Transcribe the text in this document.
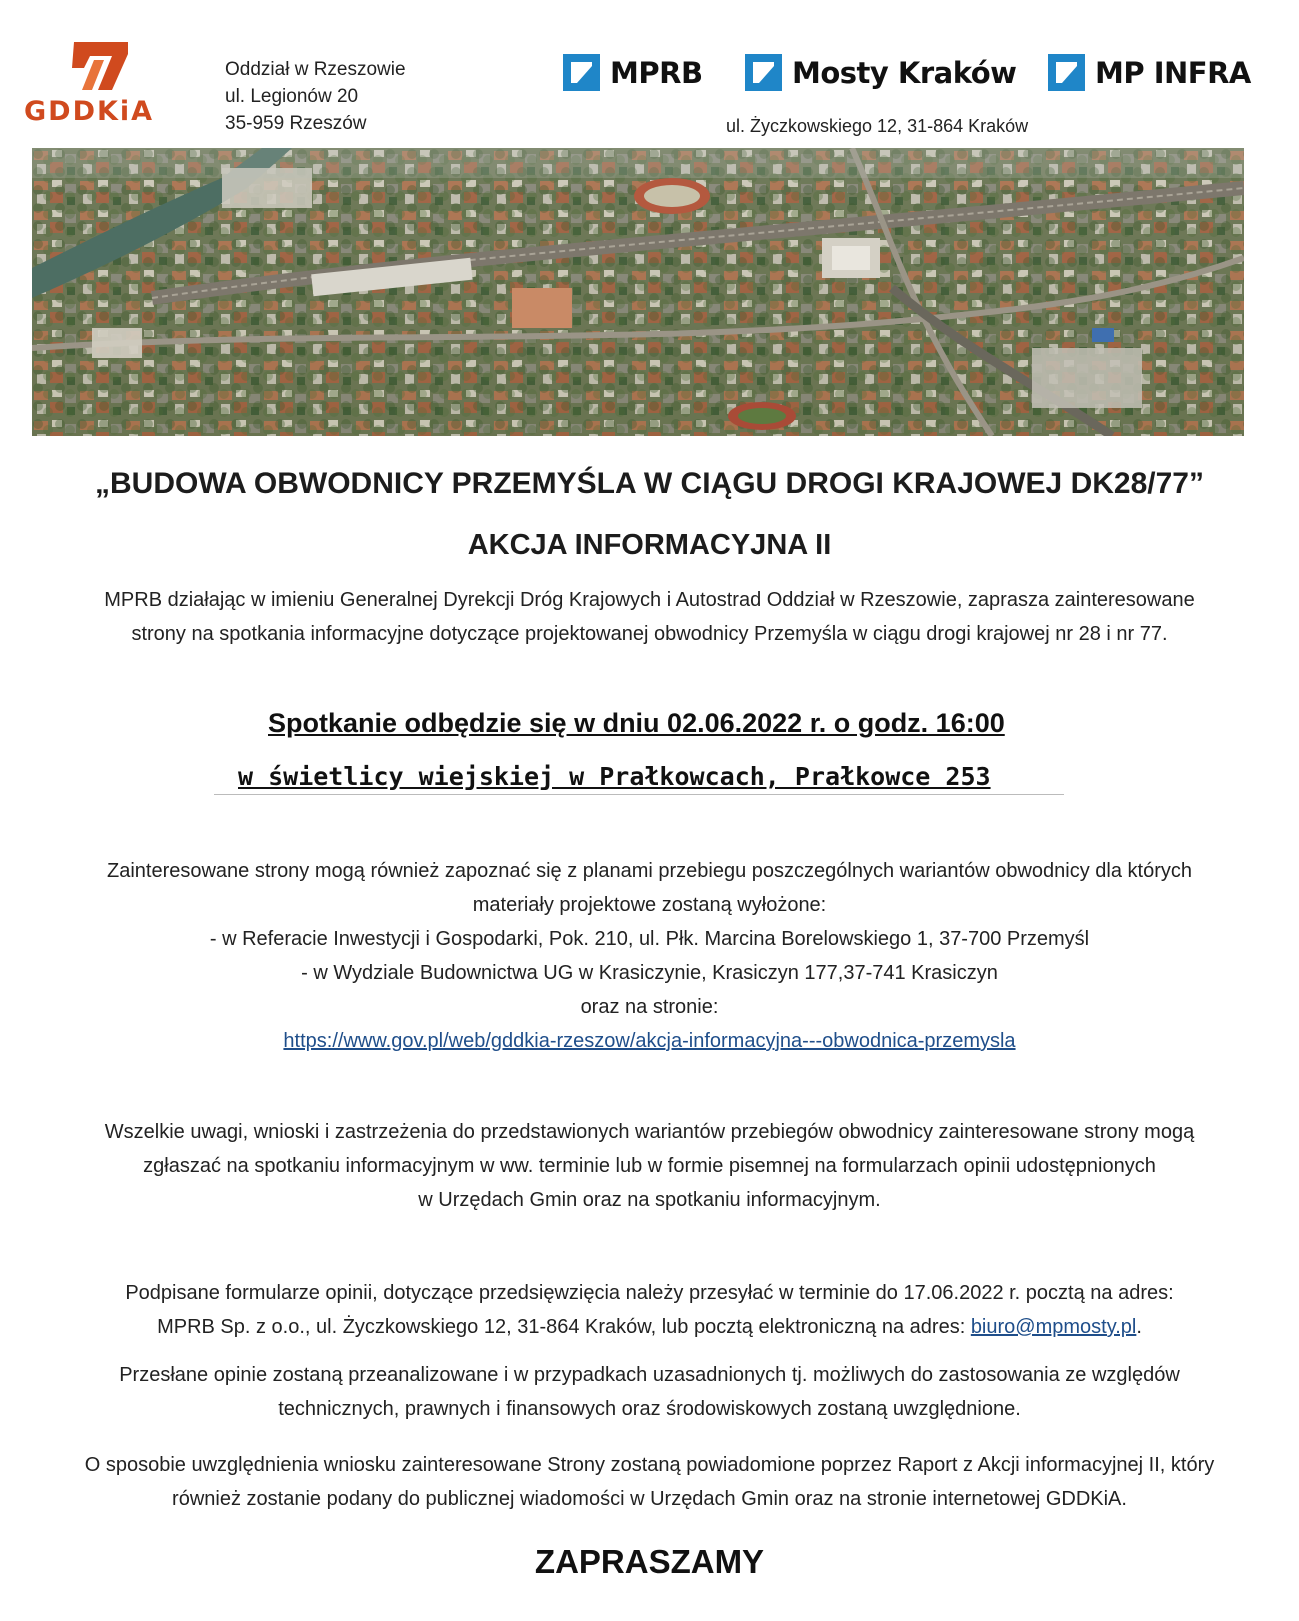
GDDKiA
Oddział w Rzeszowie
ul. Legionów 20
35-959 Rzeszów
MPRB	Mosty Kraków	MP INFRA
ul. Życzkowskiego 12, 31-864 Kraków
„BUDOWA OBWODNICY PRZEMYŚLA W CIĄGU DROGI KRAJOWEJ DK28/77”
AKCJA INFORMACYJNA II
MPRB działając w imieniu Generalnej Dyrekcji Dróg Krajowych i Autostrad Oddział w Rzeszowie, zaprasza zainteresowane
strony na spotkania informacyjne dotyczące projektowanej obwodnicy Przemyśla w ciągu drogi krajowej nr 28 i nr 77.
Spotkanie odbędzie się w dniu 02.06.2022 r. o godz. 16:00
w świetlicy wiejskiej w Prałkowcach, Prałkowce 253
Zainteresowane strony mogą również zapoznać się z planami przebiegu poszczególnych wariantów obwodnicy dla których
materiały projektowe zostaną wyłożone:
- w Referacie Inwestycji i Gospodarki, Pok. 210, ul. Płk. Marcina Borelowskiego 1, 37-700 Przemyśl
- w Wydziale Budownictwa UG w Krasiczynie, Krasiczyn 177,37-741 Krasiczyn
oraz na stronie:
https://www.gov.pl/web/gddkia-rzeszow/akcja-informacyjna---obwodnica-przemysla
Wszelkie uwagi, wnioski i zastrzeżenia do przedstawionych wariantów przebiegów obwodnicy zainteresowane strony mogą
zgłaszać na spotkaniu informacyjnym w ww. terminie lub w formie pisemnej na formularzach opinii udostępnionych
w Urzędach Gmin oraz na spotkaniu informacyjnym.
Podpisane formularze opinii, dotyczące przedsięwzięcia należy przesyłać w terminie do 17.06.2022 r. pocztą na adres:
MPRB Sp. z o.o., ul. Życzkowskiego 12, 31-864 Kraków, lub pocztą elektroniczną na adres: biuro@mpmosty.pl.
Przesłane opinie zostaną przeanalizowane i w przypadkach uzasadnionych tj. możliwych do zastosowania ze względów
technicznych, prawnych i finansowych oraz środowiskowych zostaną uwzględnione.
O sposobie uwzględnienia wniosku zainteresowane Strony zostaną powiadomione poprzez Raport z Akcji informacyjnej II, który
również zostanie podany do publicznej wiadomości w Urzędach Gmin oraz na stronie internetowej GDDKiA.
ZAPRASZAMY
